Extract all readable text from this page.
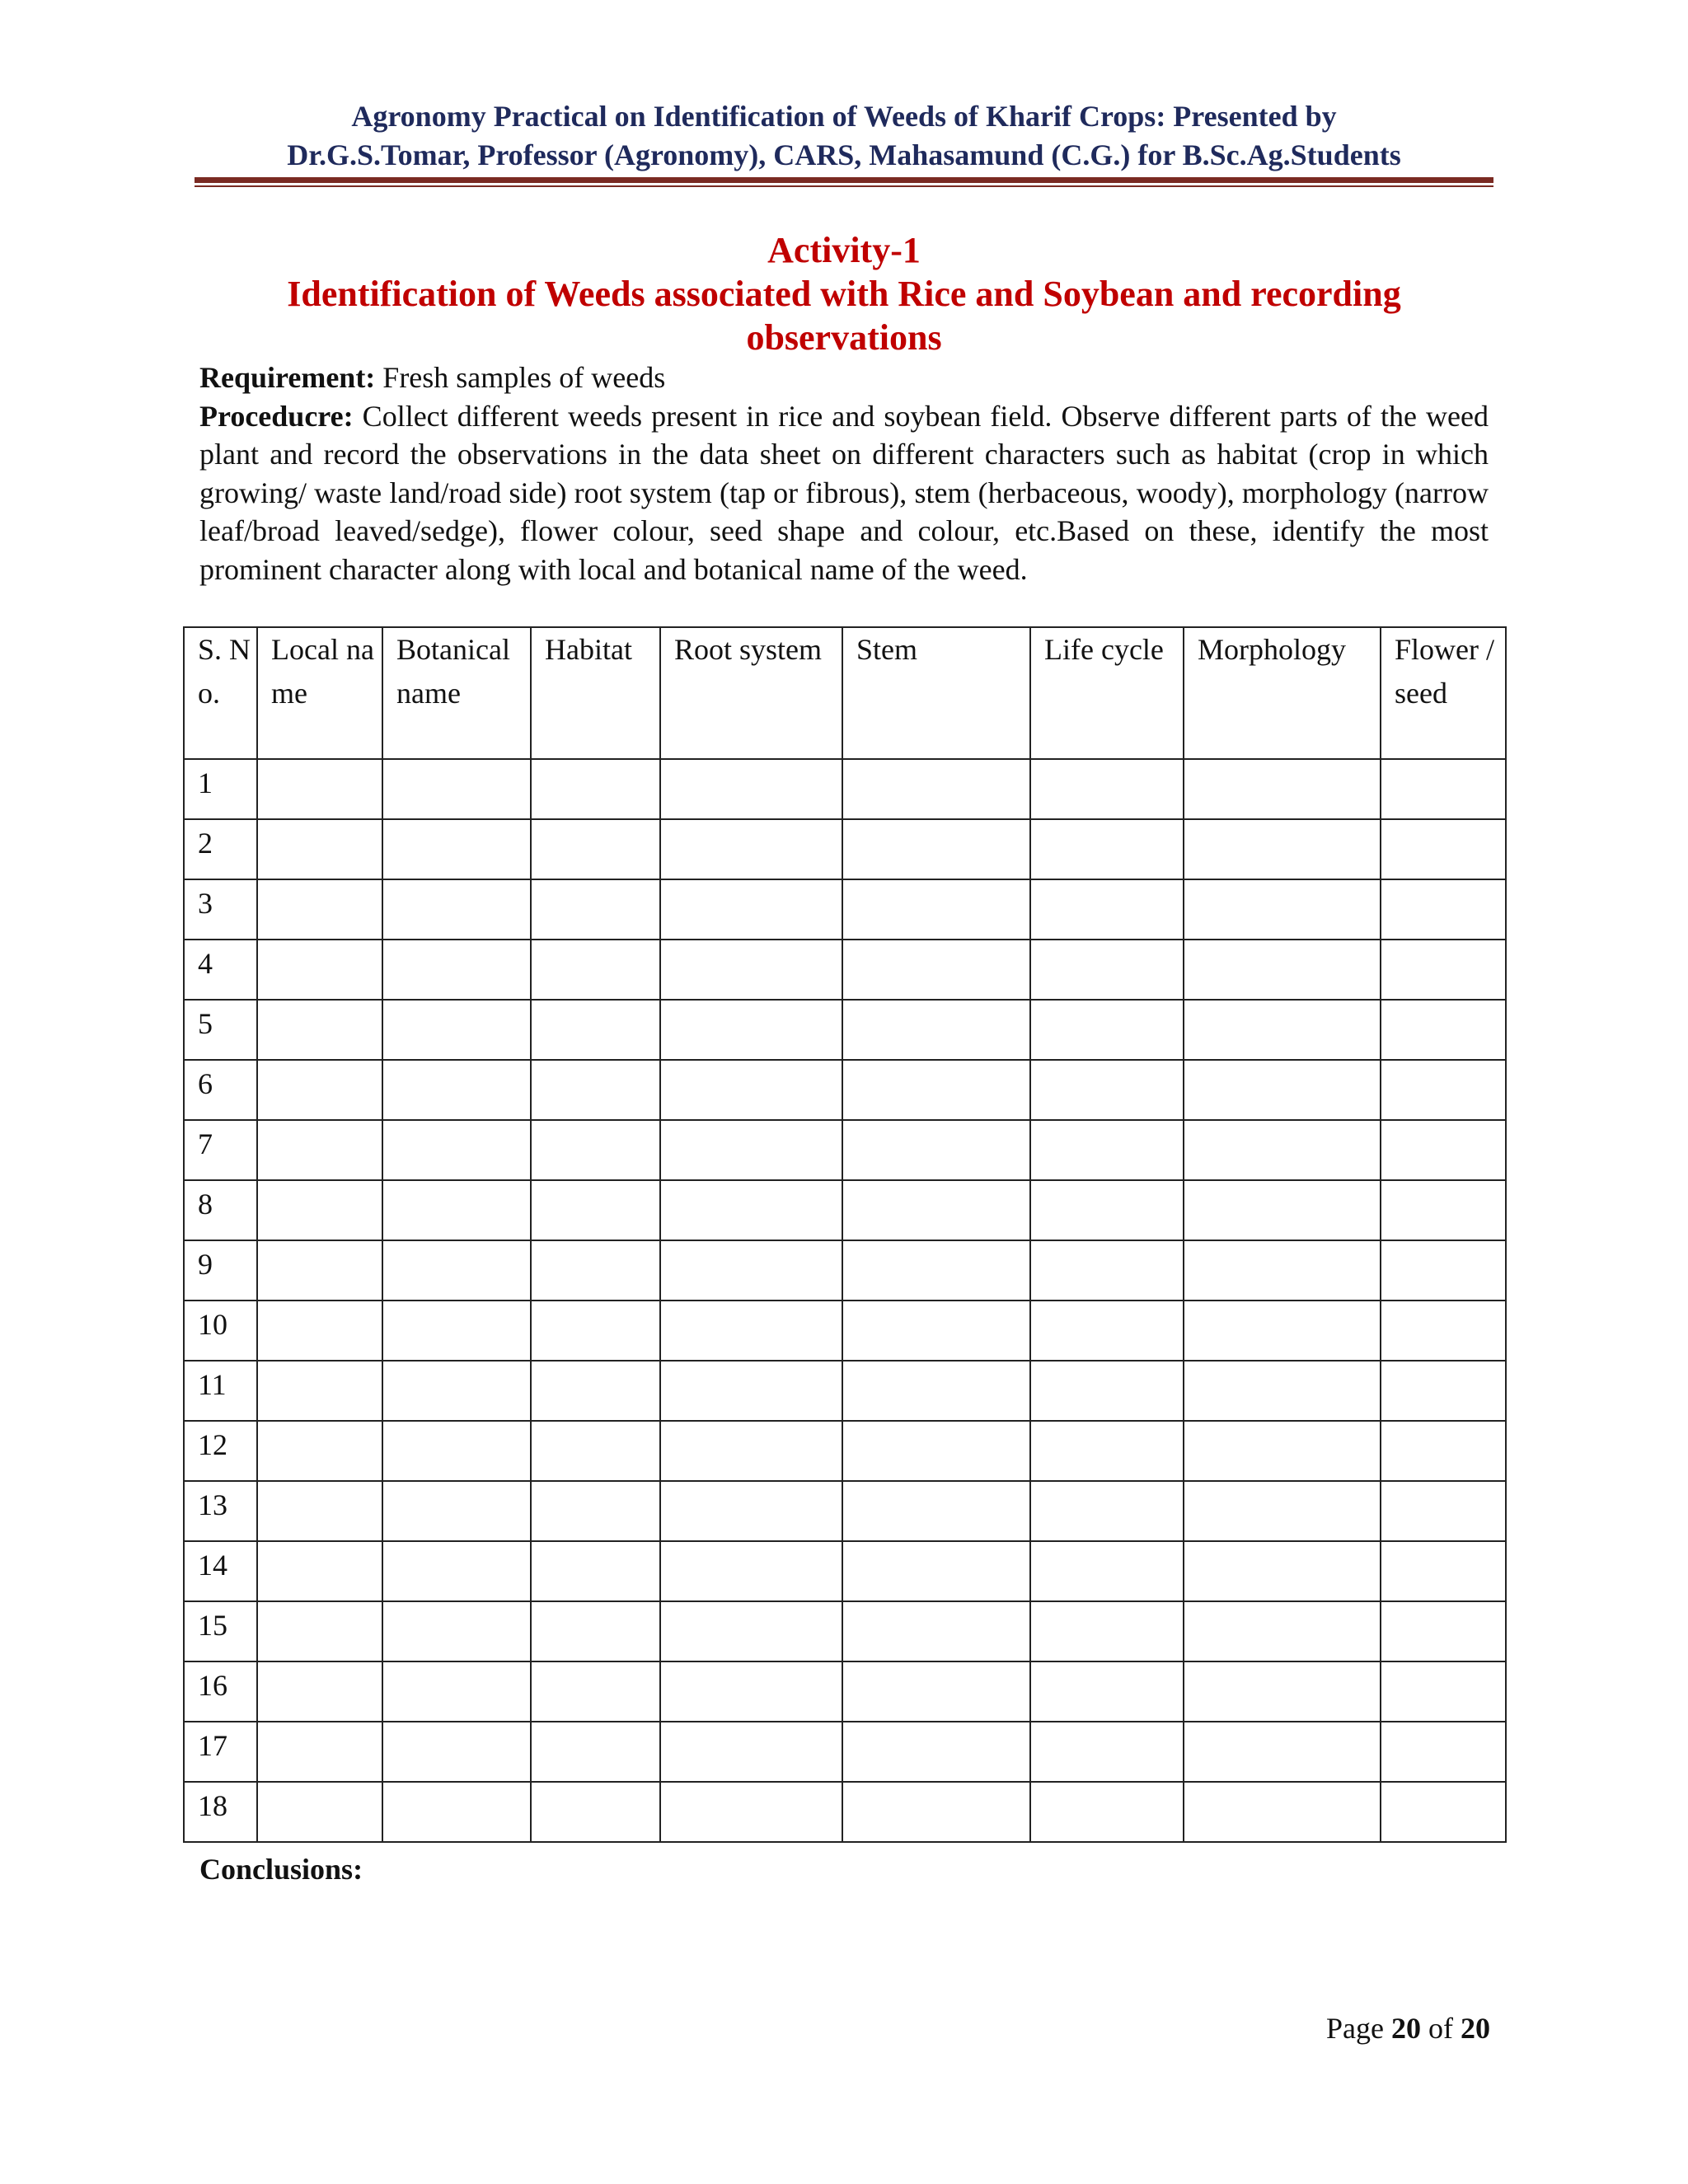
Agronomy Practical on Identification of Weeds of Kharif Crops: Presented by
Dr.G.S.Tomar, Professor (Agronomy), CARS, Mahasamund (C.G.) for B.Sc.Ag.Students
Activity-1
Identification of Weeds associated with Rice and Soybean and recording
observations

Requirement: Fresh samples of weeds

Proceducre: Collect different weeds present in rice and soybean field. Observe different parts of the weed plant and record the observations in the data sheet on different characters such as habitat (crop in which growing/ waste land/road side) root system (tap or fibrous), stem (herbaceous, woody), morphology (narrow leaf/broad leaved/sedge), flower colour, seed shape and colour, etc.Based on these, identify the most prominent character along with local and botanical name of the weed.

S. No.	Local name	Botanical name	Habitat	Root system	Stem	Life cycle	Morphology	Flower / seed
1								
2								
3								
4								
5								
6								
7								
8								
9								
10								
11								
12								
13								
14								
15								
16								
17								
18								
Conclusions:
Page 20 of 20
